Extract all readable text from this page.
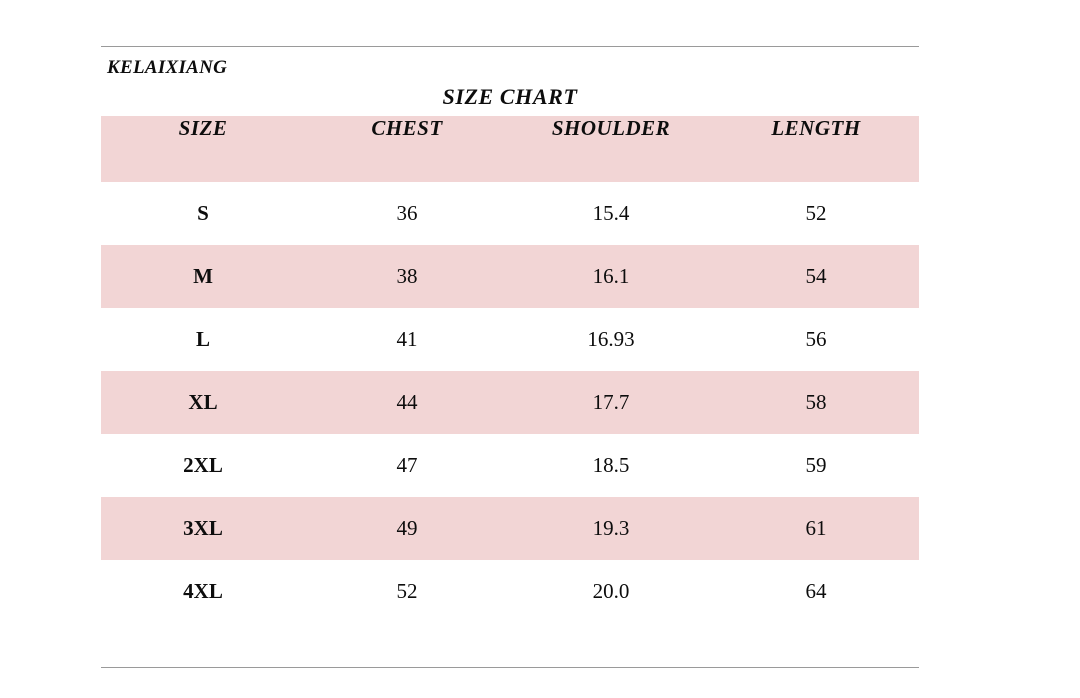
KELAIXIANG
SIZE CHART
SIZE	CHEST	SHOULDER	LENGTH
S	36	15.4	52
M	38	16.1	54
L	41	16.93	56
XL	44	17.7	58
2XL	47	18.5	59
3XL	49	19.3	61
4XL	52	20.0	64
